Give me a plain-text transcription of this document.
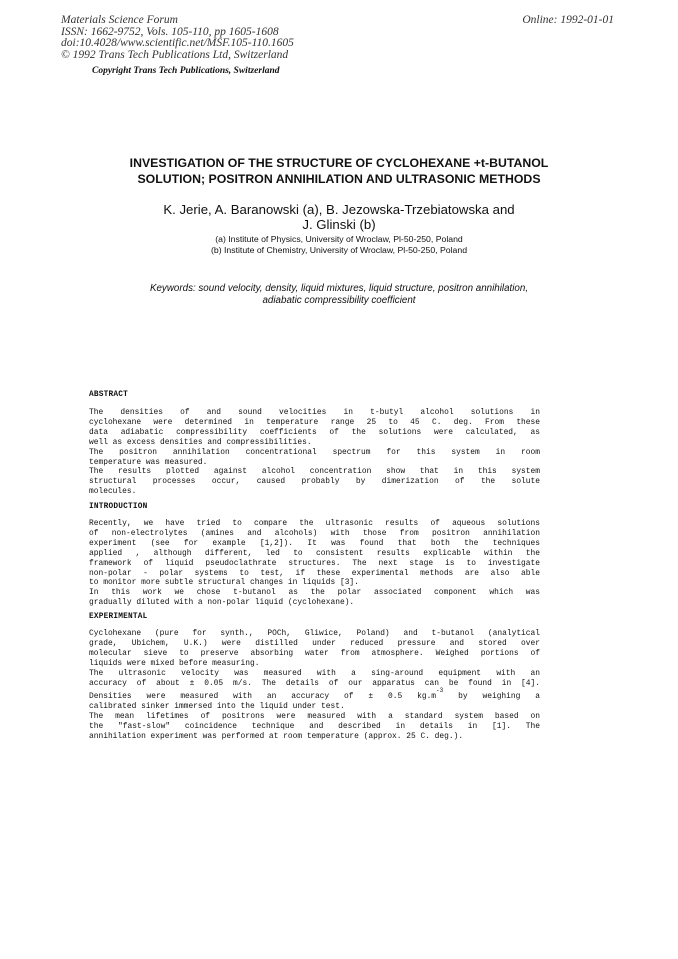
Materials Science Forum
ISSN: 1662-9752, Vols. 105-110, pp 1605-1608
doi:10.4028/www.scientific.net/MSF.105-110.1605
© 1992 Trans Tech Publications Ltd, Switzerland
Online: 1992-01-01
Copyright Trans Tech Publications, Switzerland
INVESTIGATION OF THE STRUCTURE OF CYCLOHEXANE +t-BUTANOL
SOLUTION; POSITRON ANNIHILATION AND ULTRASONIC METHODS
K. Jerie, A. Baranowski (a), B. Jezowska-Trzebiatowska and
J. Glinski (b)
(a) Institute of Physics, University of Wroclaw, Pl-50-250, Poland
(b) Institute of Chemistry, University of Wroclaw, Pl-50-250, Poland
Keywords: sound velocity, density, liquid mixtures, liquid structure, positron annihilation,
adiabatic compressibility coefficient
ABSTRACT
The densities of and sound velocities in t-butyl alcohol solutions in
cyclohexane were determined in temperature range 25 to 45 C. deg. From these
data adiabatic compressibility coefficients of the solutions were calculated, as
well as excess densities and compressibilities.
The positron annihilation concentrational spectrum for this system in room
temperature was measured.
The results plotted against alcohol concentration show that in this system
structural processes occur, caused probably by dimerization of the solute
molecules.
INTRODUCTION
Recently, we have tried to compare the ultrasonic results of aqueous solutions
of non-electrolytes (amines and alcohols) with those from positron annihilation
experiment (see for example [1,2]). It was found that both the techniques
applied , although different, led to consistent results explicable within the
framework of liquid pseudoclathrate structures. The next stage is to investigate
non-polar - polar systems to test, if these experimental methods are also able
to monitor more subtle structural changes in liquids [3].
In this work we chose t-butanol as the polar associated component which was
gradually diluted with a non-polar liquid (cyclohexane).
EXPERIMENTAL
Cyclohexane (pure for synth., POCh, Gliwice, Poland) and t-butanol (analytical
grade, Ubichem, U.K.) were distilled under reduced pressure and stored over
molecular sieve to preserve absorbing water from atmosphere. Weighed portions of
liquids were mixed before measuring.
The ultrasonic velocity was measured with a sing-around equipment with an
accuracy of about ± 0.05 m/s. The details of our apparatus can be found in [4].
Densities were measured with an accuracy of ± 0.5 $kg.m^{-3}$ by weighing a
calibrated sinker immersed into the liquid under test.
The mean lifetimes of positrons were measured with a standard system based on
the "fast-slow" coincidence technique and described in details in [1]. The
annihilation experiment was performed at room temperature (approx. 25 C. deg.).
